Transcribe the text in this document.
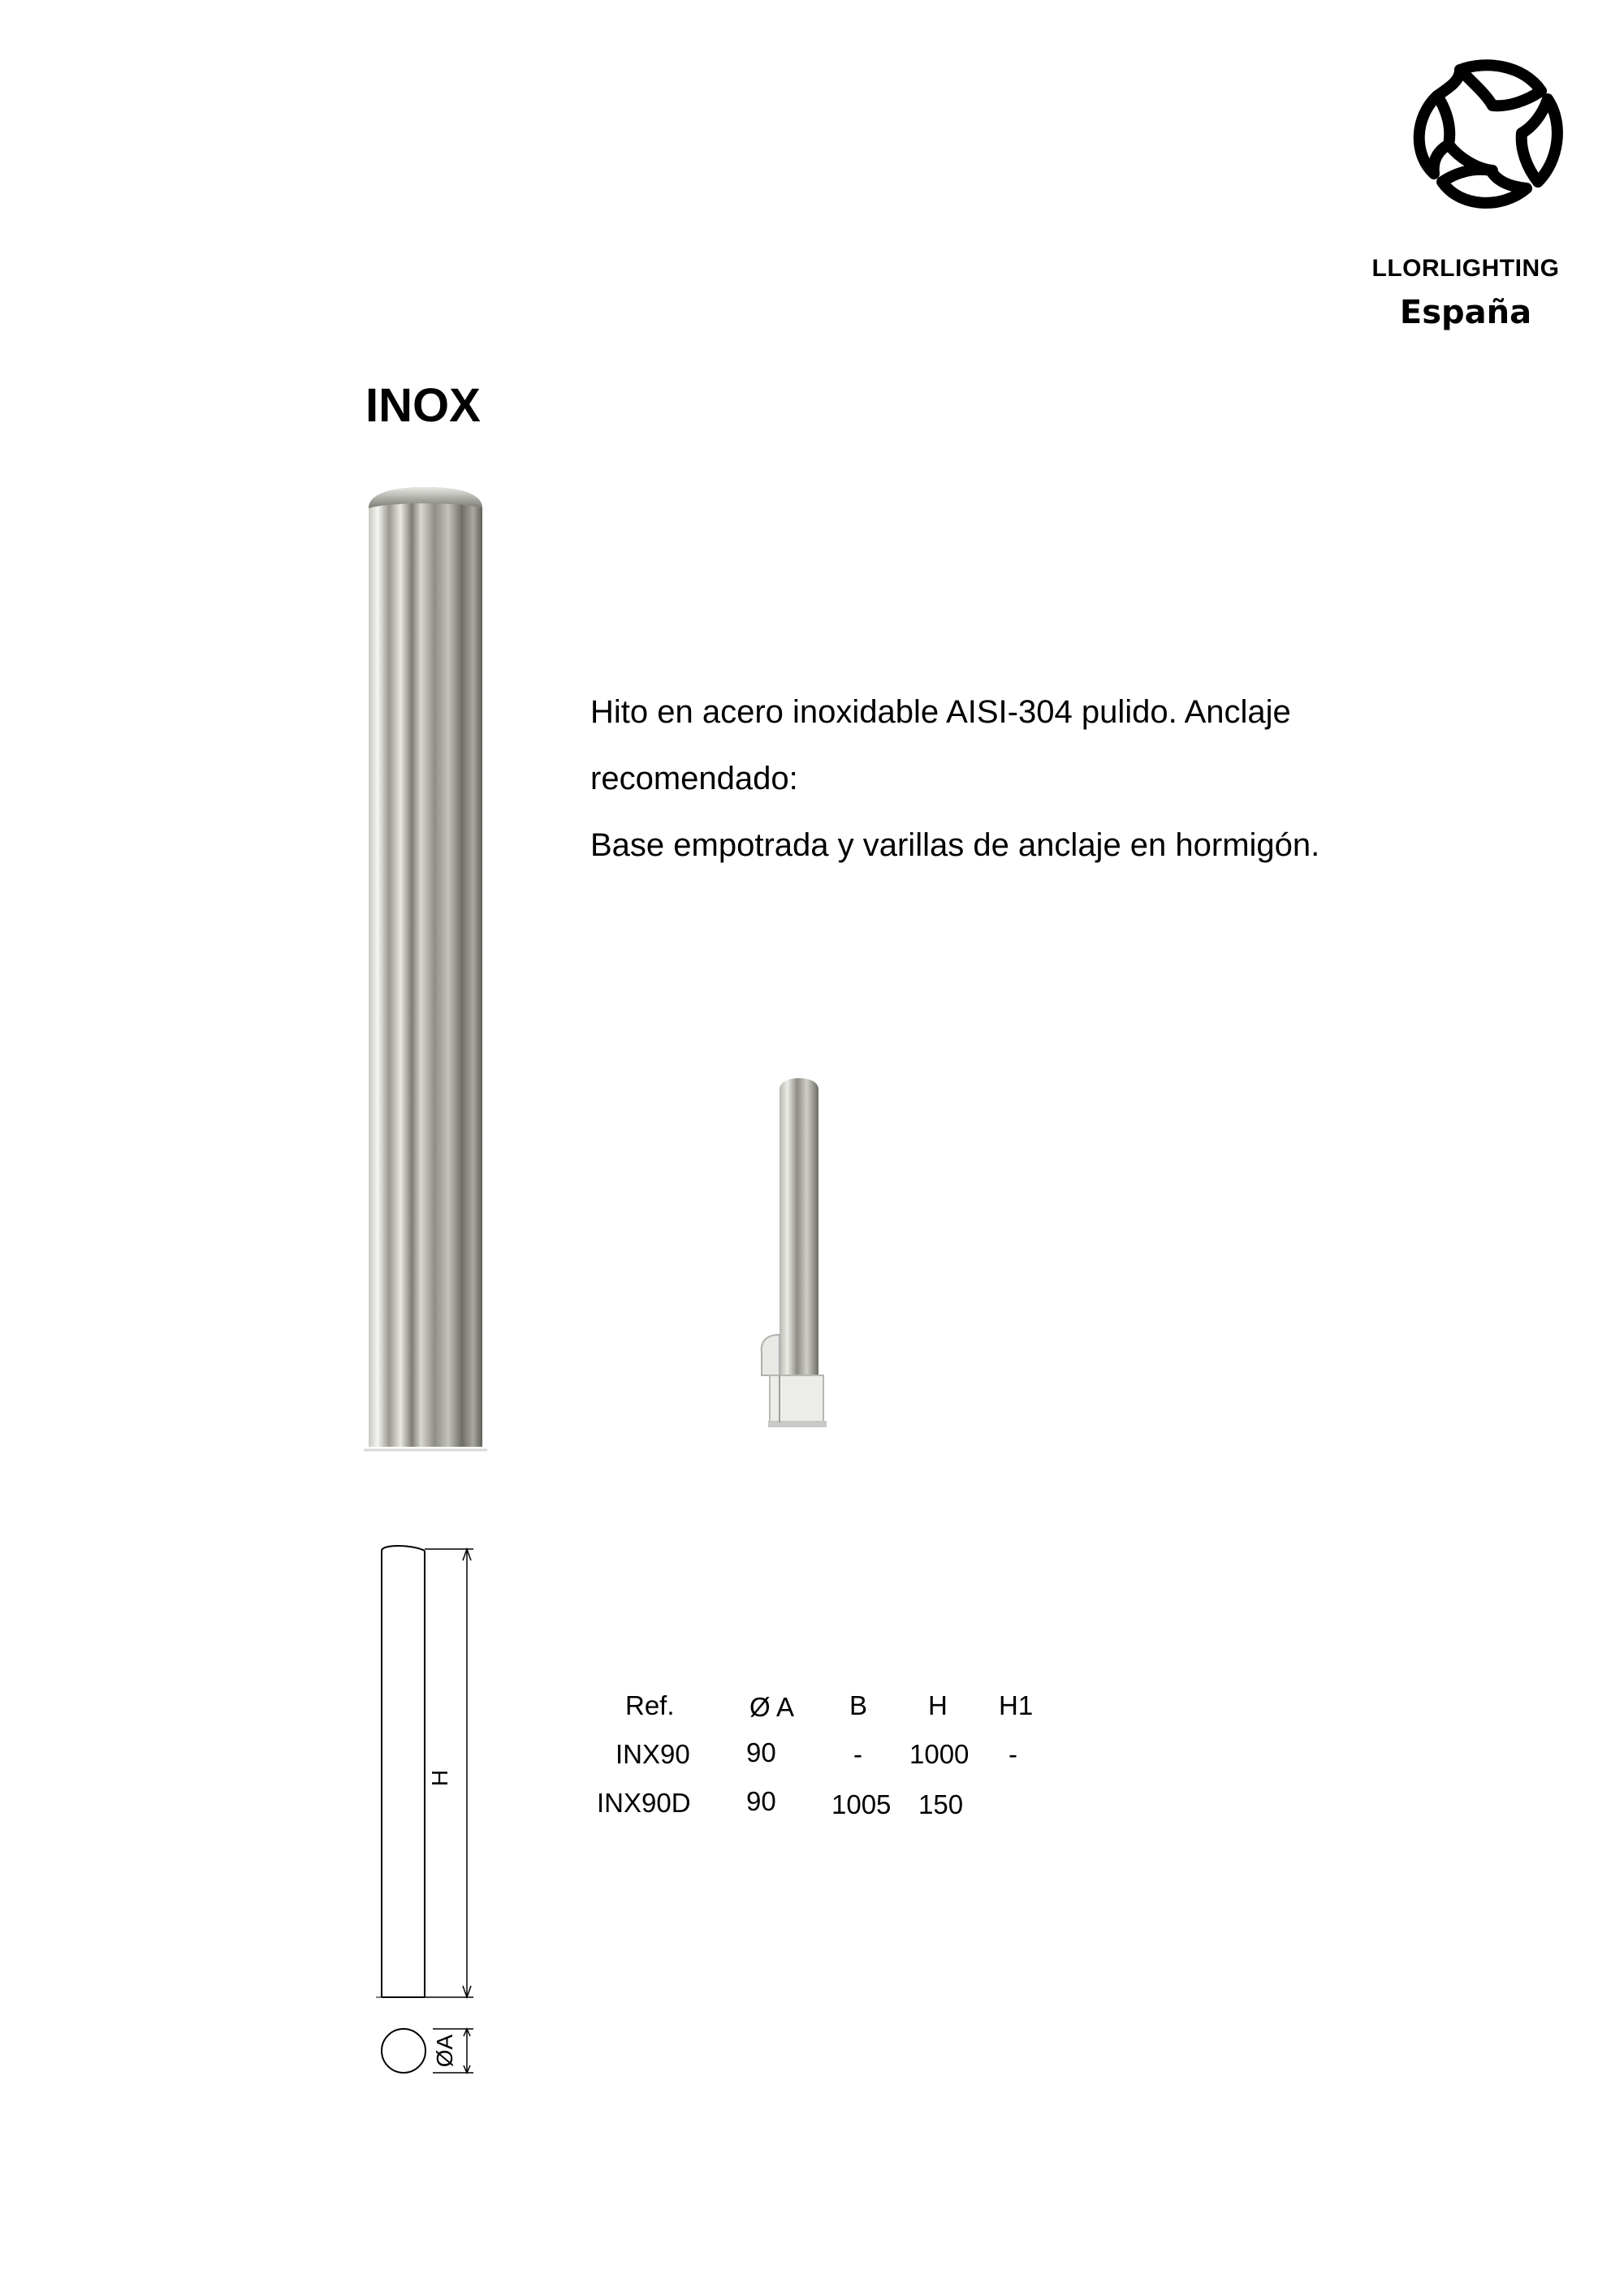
LLORLIGHTING
España
INOX

Hito en acero inoxidable AISI-304 pulido. Anclaje

recomendado:

Base empotrada y varillas de anclaje en hormigón.

H
ØA
Ref.	Ø A B H H1
INX90 90	- 1000 -
INX90D 90 1005 150
